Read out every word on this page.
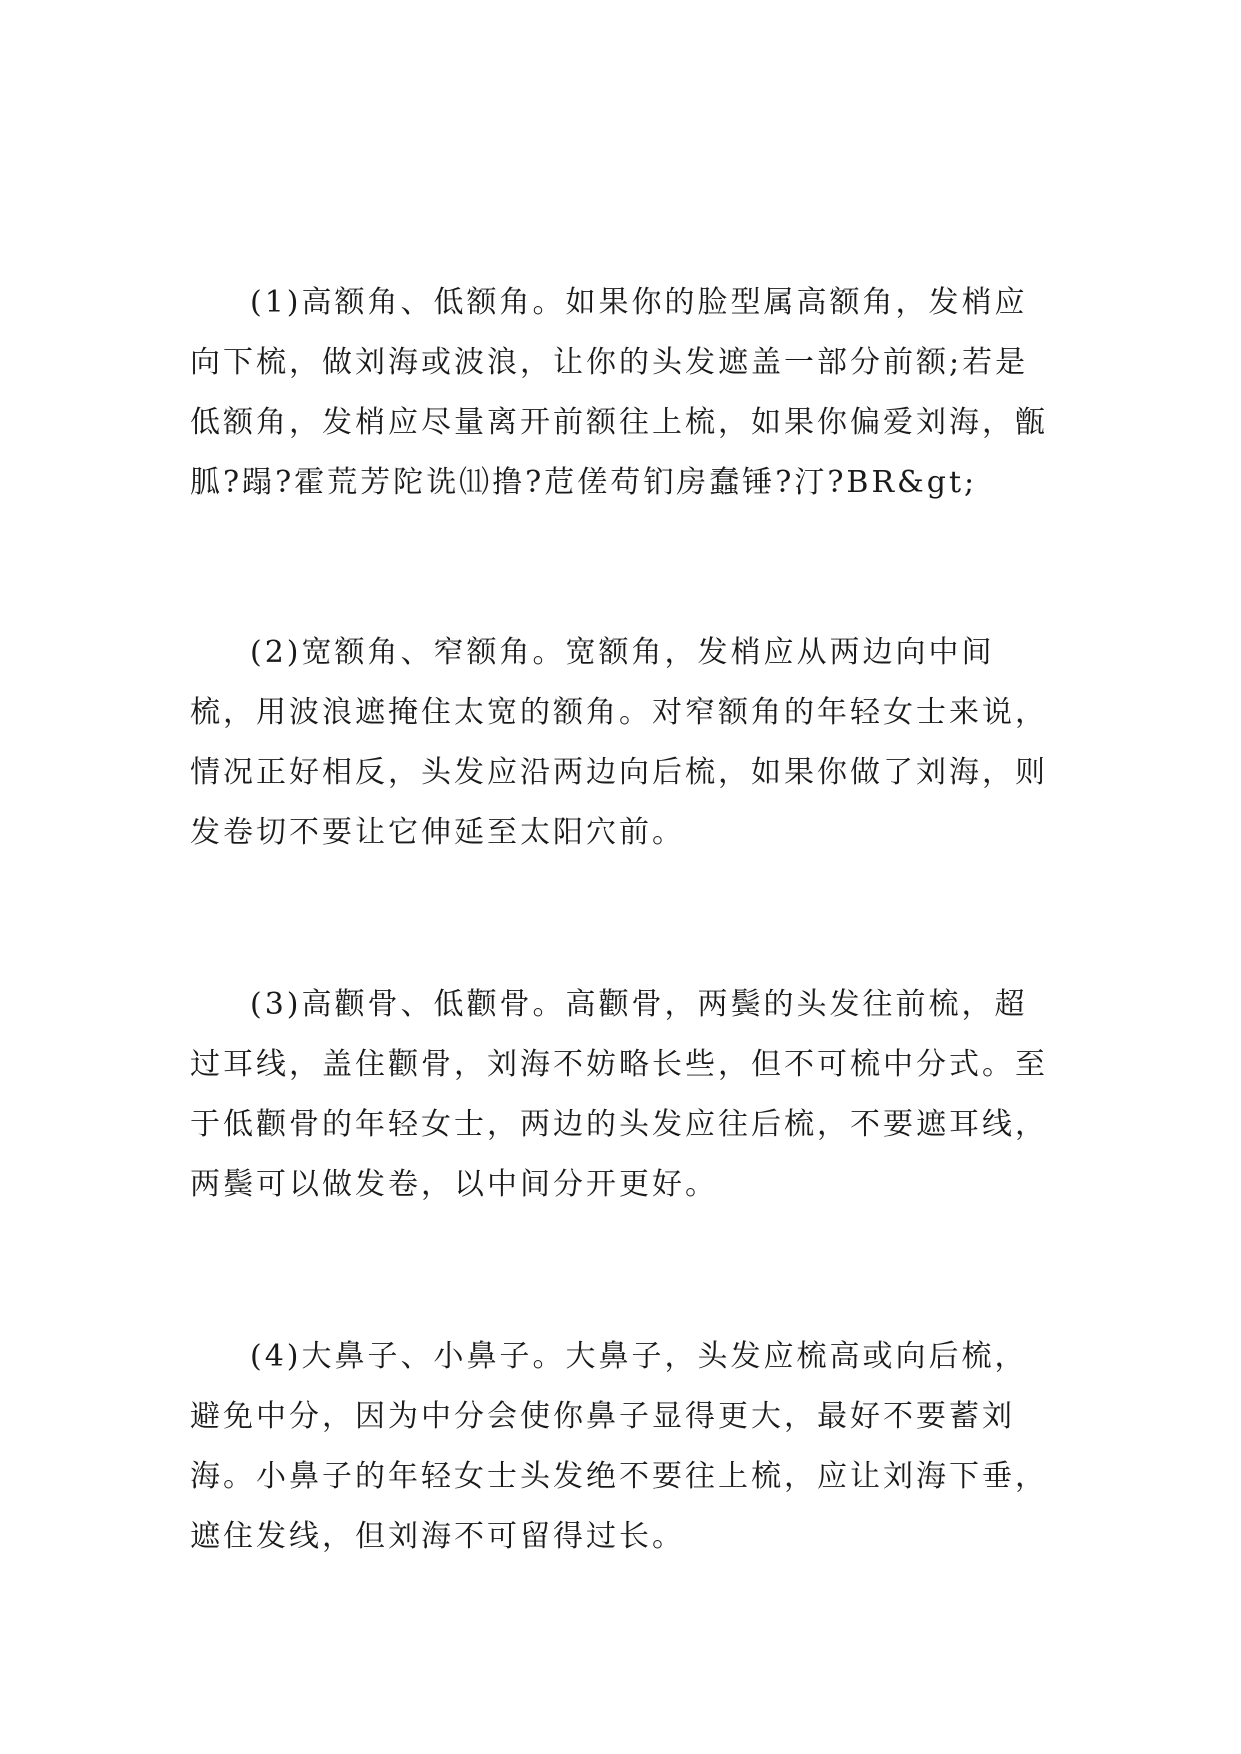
(1)高额角、低额角。如果你的脸型属高额角，发梢应向下梳，做刘海或波浪，让你的头发遮盖一部分前额;若是低额角，发梢应尽量离开前额往上梳，如果你偏爱刘海，甑胍?蹋?霍荒芳陀诜⑾撸?苊傞苟钔房蠢锤?汀?BR&gt;

(2)宽额角、窄额角。宽额角，发梢应从两边向中间梳，用波浪遮掩住太宽的额角。对窄额角的年轻女士来说，情况正好相反，头发应沿两边向后梳，如果你做了刘海，则发卷切不要让它伸延至太阳穴前。

(3)高颧骨、低颧骨。高颧骨，两鬓的头发往前梳，超过耳线，盖住颧骨，刘海不妨略长些，但不可梳中分式。至于低颧骨的年轻女士，两边的头发应往后梳，不要遮耳线，两鬓可以做发卷，以中间分开更好。

(4)大鼻子、小鼻子。大鼻子，头发应梳高或向后梳，避免中分，因为中分会使你鼻子显得更大，最好不要蓄刘海。小鼻子的年轻女士头发绝不要往上梳，应让刘海下垂，遮住发线，但刘海不可留得过长。
